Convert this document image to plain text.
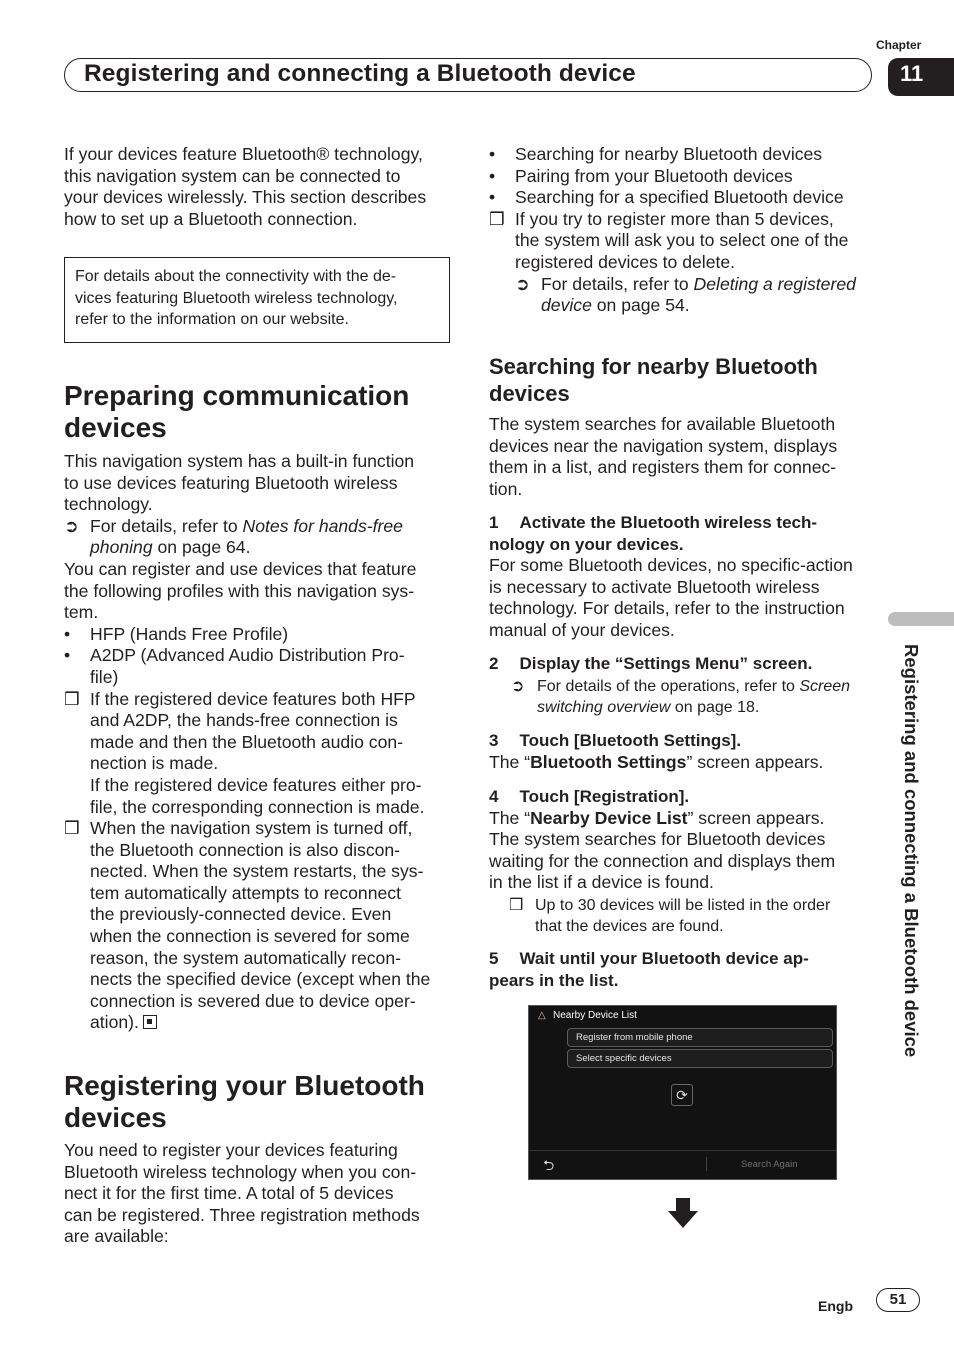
Chapter
Registering and connecting a Bluetooth device	11
Registering and connecting a Bluetooth device

If your devices feature Bluetooth® technology,

this navigation system can be connected to

your devices wirelessly. This section describes

how to set up a Bluetooth connection.

For details about the connectivity with the de-
vices featuring Bluetooth wireless technology,
refer to the information on our website.
Preparing communication
devices

This navigation system has a built-in function

to use devices featuring Bluetooth wireless

technology.

➲ For details, refer to Notes for hands-free
phoning on page 64.

You can register and use devices that feature

the following profiles with this navigation sys-

tem.

• HFP (Hands Free Profile)
• A2DP (Advanced Audio Distribution Pro-
file)
❒ If the registered device features both HFP
and A2DP, the hands-free connection is
made and then the Bluetooth audio con-
nection is made.
If the registered device features either pro-
file, the corresponding connection is made.
❒ When the navigation system is turned off,
the Bluetooth connection is also discon-
nected. When the system restarts, the sys-
tem automatically attempts to reconnect
the previously-connected device. Even
when the connection is severed for some
reason, the system automatically recon-
nects the specified device (except when the
connection is severed due to device oper-
ation).
Registering your Bluetooth
devices

You need to register your devices featuring

Bluetooth wireless technology when you con-

nect it for the first time. A total of 5 devices

can be registered. Three registration methods

are available:

• Searching for nearby Bluetooth devices
• Pairing from your Bluetooth devices
• Searching for a specified Bluetooth device
❒ If you try to register more than 5 devices,
the system will ask you to select one of the
registered devices to delete.
➲ For details, refer to Deleting a registered
device on page 54.
Searching for nearby Bluetooth
devices

The system searches for available Bluetooth

devices near the navigation system, displays

them in a list, and registers them for connec-

tion.

1 Activate the Bluetooth wireless tech-
nology on your devices.

For some Bluetooth devices, no specific-action

is necessary to activate Bluetooth wireless

technology. For details, refer to the instruction

manual of your devices.

2 Display the “Settings Menu” screen.
➲ For details of the operations, refer to Screen
switching overview on page 18.
3 Touch [Bluetooth Settings].
The “Bluetooth Settings” screen appears.
4 Touch [Registration].
The “Nearby Device List” screen appears.

The system searches for Bluetooth devices

waiting for the connection and displays them

in the list if a device is found.

❒ Up to 30 devices will be listed in the order
that the devices are found.
5 Wait until your Bluetooth device ap-
pears in the list.
△ Nearby Device List
Register from mobile phone
Select specific devices
⟳
⮌	Search Again
Engb	51
